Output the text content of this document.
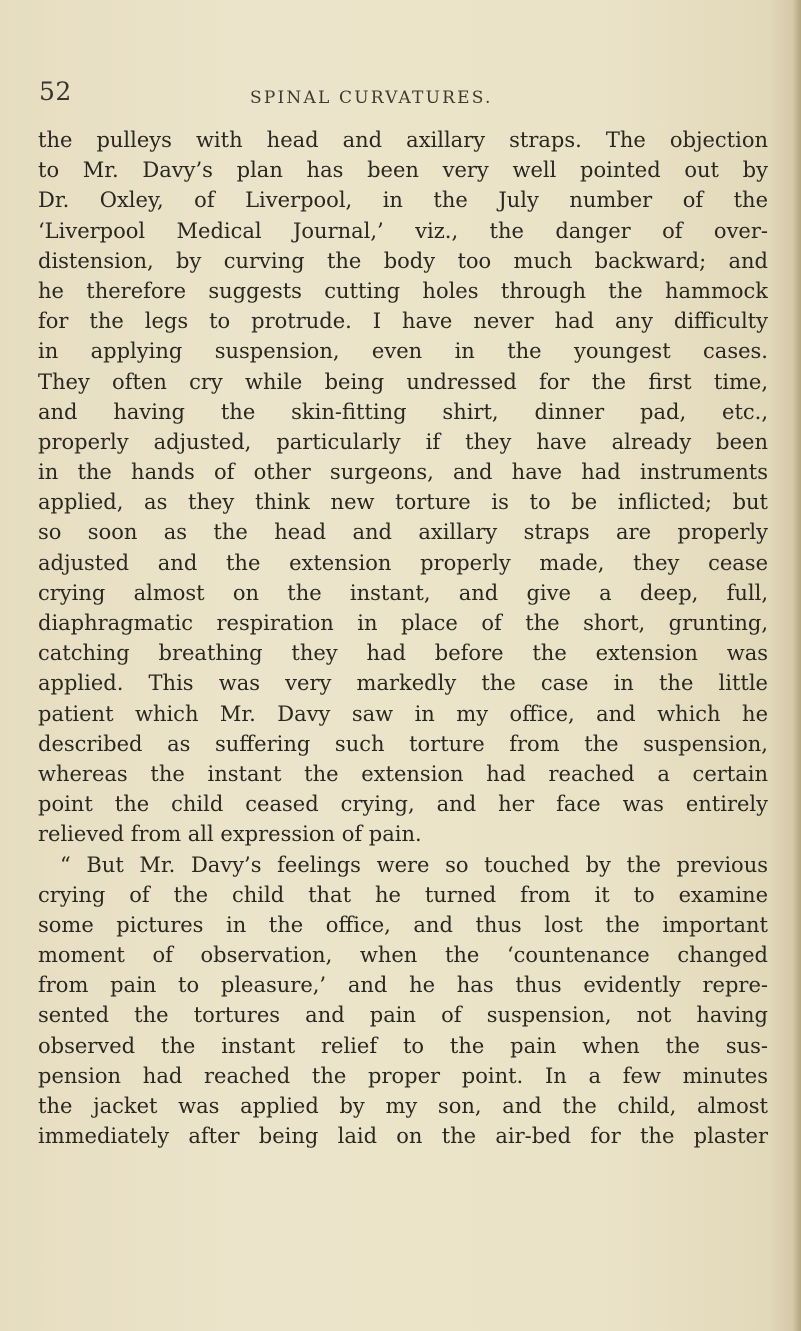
52	SPINAL CURVATURES.
the pulleys with head and axillary straps. The objection
to Mr. Davy’s plan has been very well pointed out by
Dr. Oxley, of Liverpool, in the July number of the
‘Liverpool Medical Journal,’ viz., the danger of over-
distension, by curving the body too much backward; and
he therefore suggests cutting holes through the hammock
for the legs to protrude. I have never had any difficulty
in applying suspension, even in the youngest cases.
They often cry while being undressed for the first time,
and having the skin-fitting shirt, dinner pad, etc.,
properly adjusted, particularly if they have already been
in the hands of other surgeons, and have had instruments
applied, as they think new torture is to be inflicted; but
so soon as the head and axillary straps are properly
adjusted and the extension properly made, they cease
crying almost on the instant, and give a deep, full,
diaphragmatic respiration in place of the short, grunting,
catching breathing they had before the extension was
applied. This was very markedly the case in the little
patient which Mr. Davy saw in my office, and which he
described as suffering such torture from the suspension,
whereas the instant the extension had reached a certain
point the child ceased crying, and her face was entirely
relieved from all expression of pain.
“ But Mr. Davy’s feelings were so touched by the previous
crying of the child that he turned from it to examine
some pictures in the office, and thus lost the important
moment of observation, when the ‘countenance changed
from pain to pleasure,’ and he has thus evidently repre-
sented the tortures and pain of suspension, not having
observed the instant relief to the pain when the sus-
pension had reached the proper point. In a few minutes
the jacket was applied by my son, and the child, almost
immediately after being laid on the air-bed for the plaster
